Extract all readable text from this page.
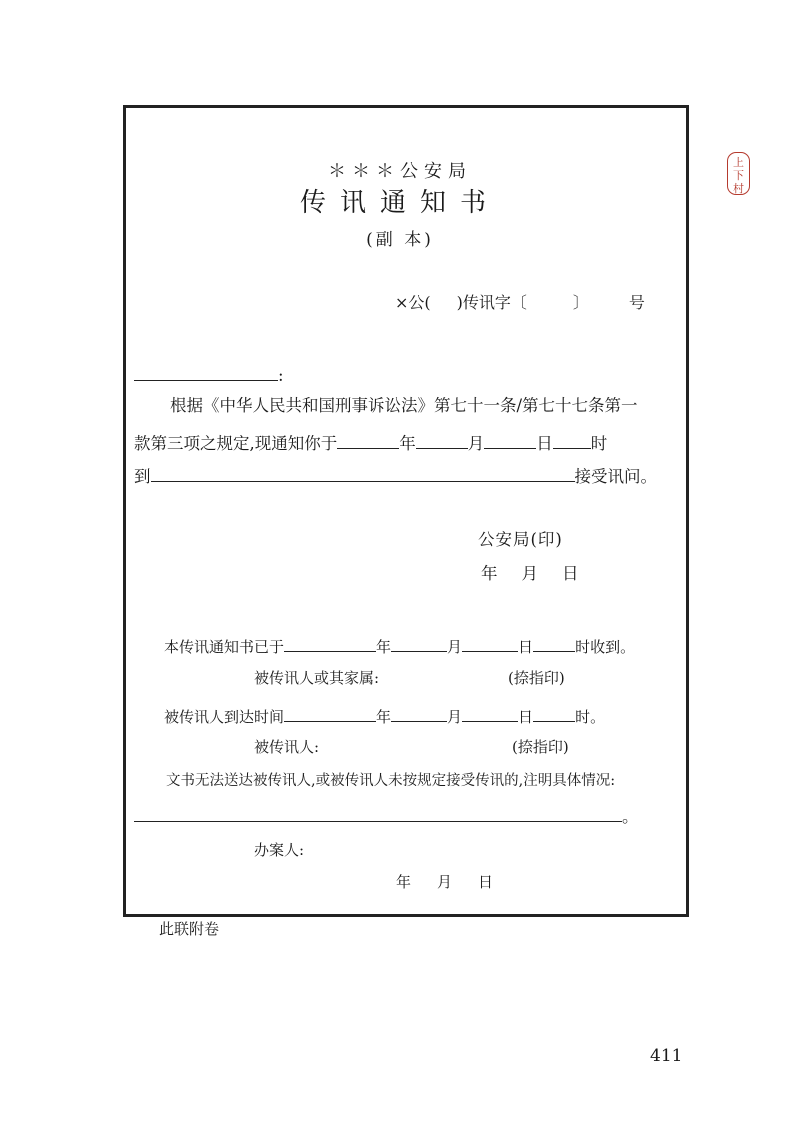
上
下
村
＊＊＊公安局
传讯通知书
(副 本)
×公( )传讯字〔	〕	号
:
根据《中华人民共和国刑事诉讼法》第七十一条/第七十七条第一
款第三项之规定,现通知你于	年	月	日 时
到	接受讯问。
公安局(印)
年 月 日
本传讯通知书已于	年	月	日	时收到。
被传讯人或其家属:	(捺指印)
被传讯人到达时间	年	月	日	时。
被传讯人:	(捺指印)
文书无法送达被传讯人,或被传讯人未按规定接受传讯的,注明具体情况:
。
办案人:
年 月 日
此联附卷
411
